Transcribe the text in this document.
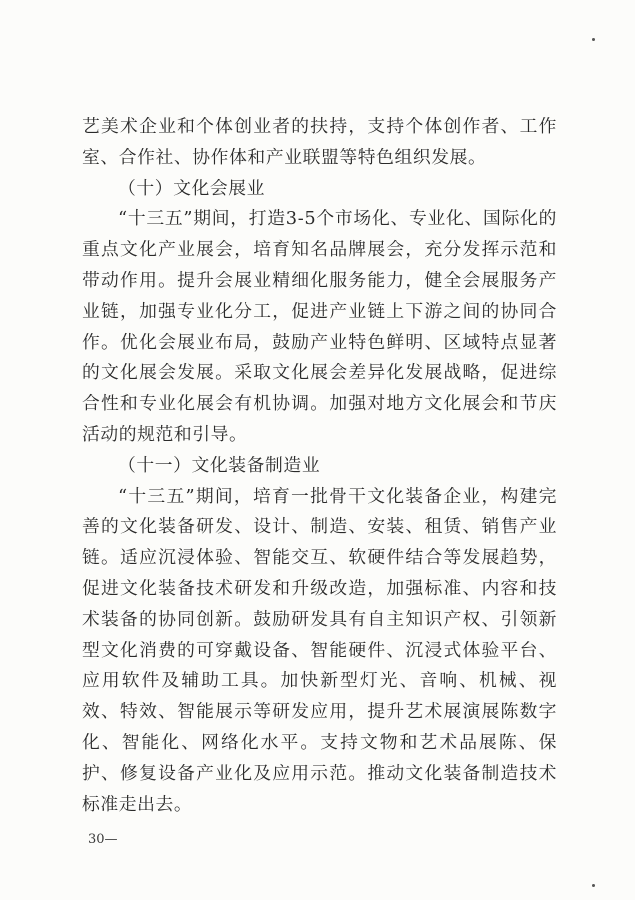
艺美术企业和个体创业者的扶持，支持个体创作者、工作室、合作社、协作体和产业联盟等特色组织发展。

（十）文化会展业

“十三五”期间，打造3-5个市场化、专业化、国际化的重点文化产业展会，培育知名品牌展会，充分发挥示范和带动作用。提升会展业精细化服务能力，健全会展服务产业链，加强专业化分工，促进产业链上下游之间的协同合作。优化会展业布局，鼓励产业特色鲜明、区域特点显著的文化展会发展。采取文化展会差异化发展战略，促进综合性和专业化展会有机协调。加强对地方文化展会和节庆活动的规范和引导。

（十一）文化装备制造业

“十三五”期间，培育一批骨干文化装备企业，构建完善的文化装备研发、设计、制造、安装、租赁、销售产业链。适应沉浸体验、智能交互、软硬件结合等发展趋势，促进文化装备技术研发和升级改造，加强标准、内容和技术装备的协同创新。鼓励研发具有自主知识产权、引领新型文化消费的可穿戴设备、智能硬件、沉浸式体验平台、应用软件及辅助工具。加快新型灯光、音响、机械、视效、特效、智能展示等研发应用，提升艺术展演展陈数字化、智能化、网络化水平。支持文物和艺术品展陈、保护、修复设备产业化及应用示范。推动文化装备制造技术标准走出去。

30—
